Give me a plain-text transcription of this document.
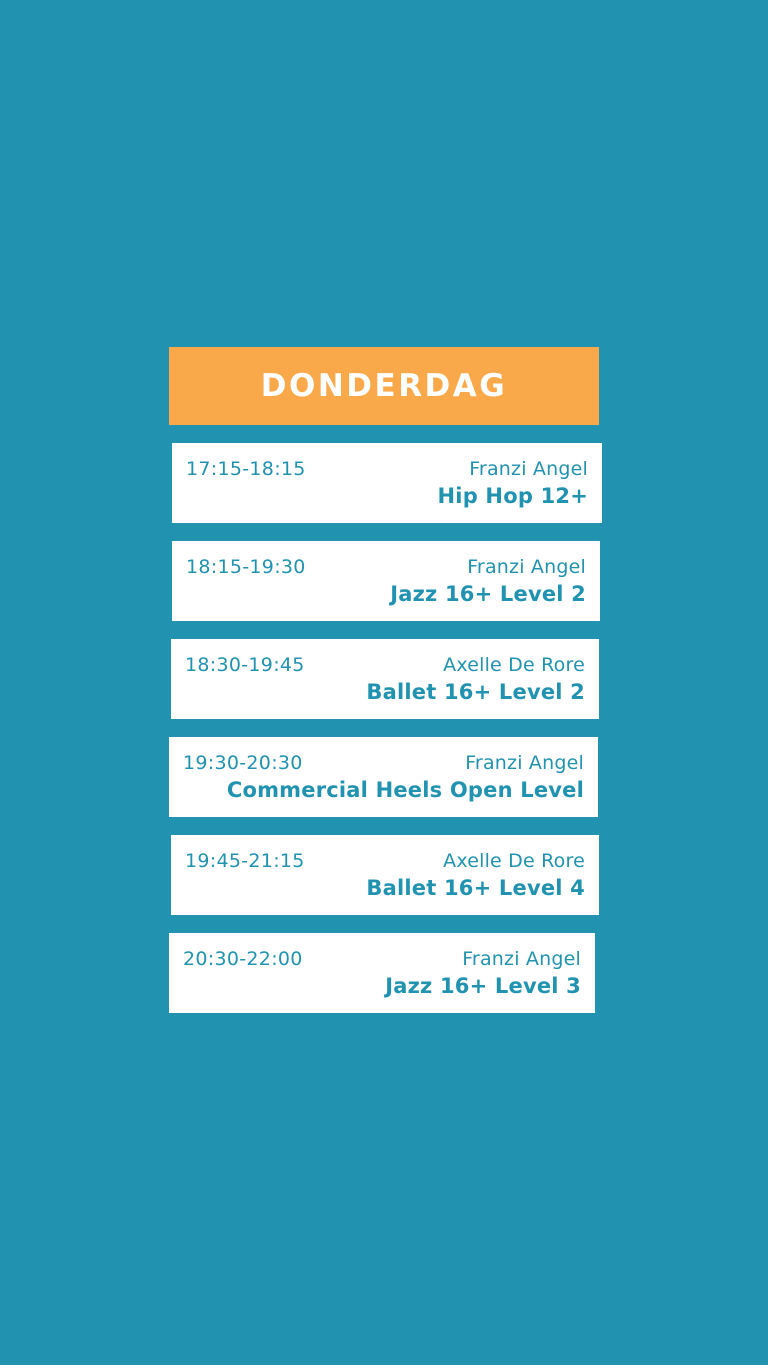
DONDERDAG
17:15-18:15	Franzi Angel
Hip Hop 12+
18:15-19:30	Franzi Angel
Jazz 16+ Level 2
18:30-19:45	Axelle De Rore
Ballet 16+ Level 2
19:30-20:30	Franzi Angel
Commercial Heels Open Level
19:45-21:15	Axelle De Rore
Ballet 16+ Level 4
20:30-22:00	Franzi Angel
Jazz 16+ Level 3
